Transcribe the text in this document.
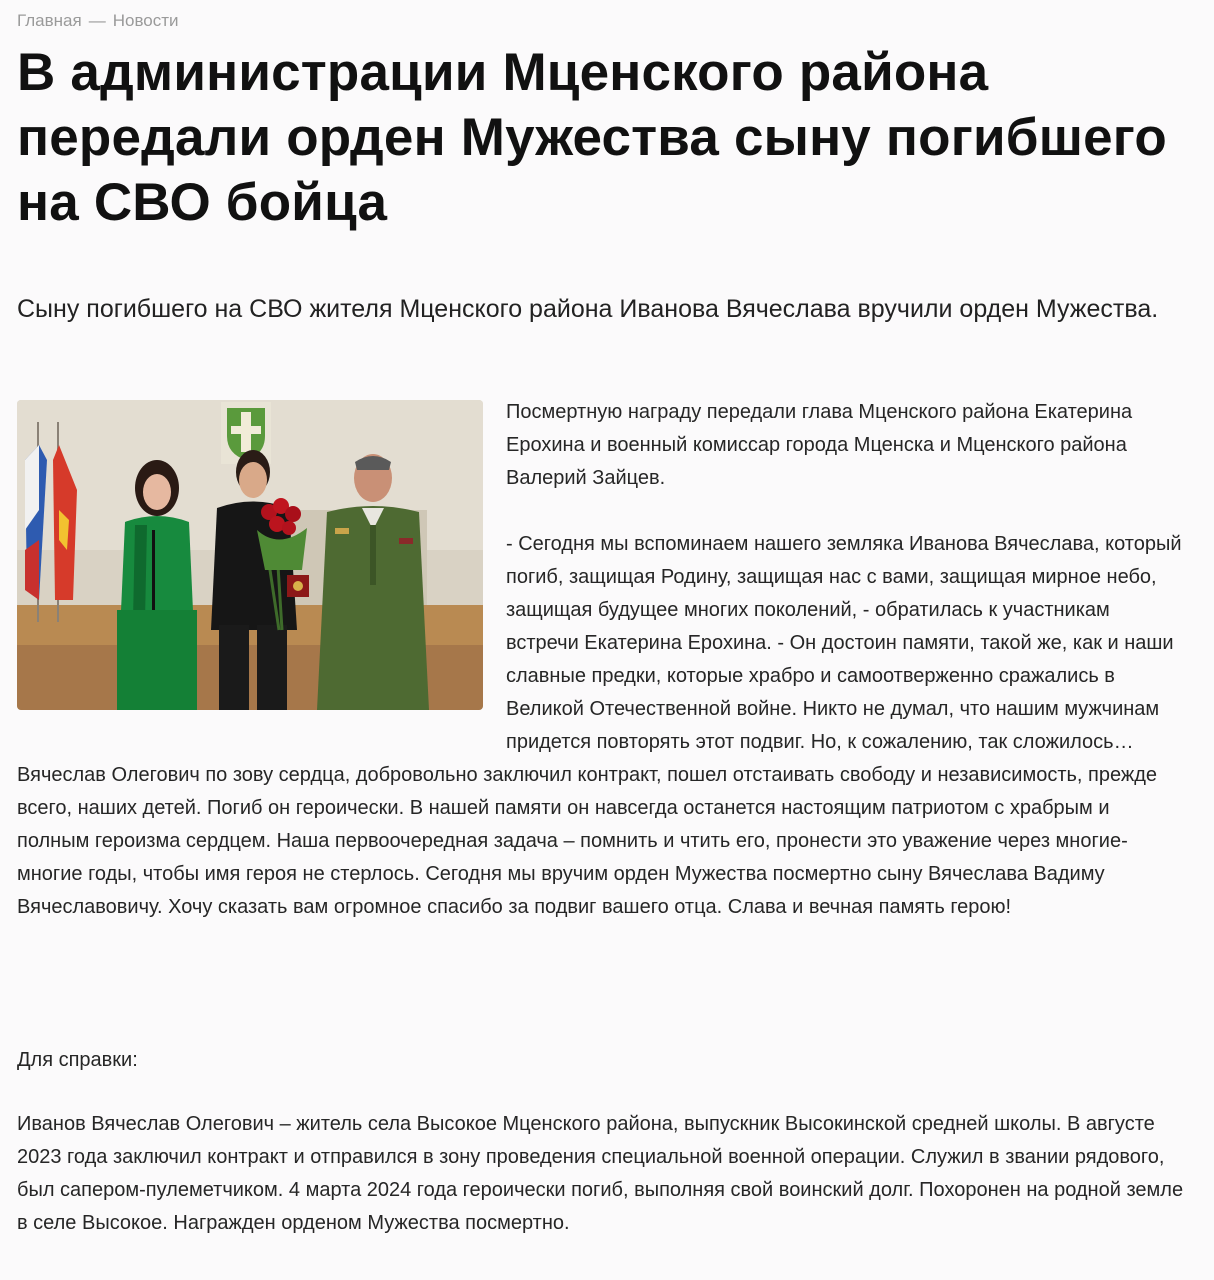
Главная — Новости
В администрации Мценского района передали орден Мужества сыну погибшего на СВО бойца

Сыну погибшего на СВО жителя Мценского района Иванова Вячеслава вручили орден Мужества.

Посмертную награду передали глава Мценского района Екатерина Ерохина и военный комиссар города Мценска и Мценского района Валерий Зайцев.

- Сегодня мы вспоминаем нашего земляка Иванова Вячеслава, который погиб, защищая Родину, защищая нас с вами, защищая мирное небо, защищая будущее многих поколений, - обратилась к участникам встречи Екатерина Ерохина. - Он достоин памяти, такой же, как и наши славные предки, которые храбро и самоотверженно сражались в Великой Отечественной войне. Никто не думал, что нашим мужчинам придется повторять этот подвиг. Но, к сожалению, так сложилось… Вячеслав Олегович по зову сердца, добровольно заключил контракт, пошел отстаивать свободу и независимость, прежде всего, наших детей. Погиб он героически. В нашей памяти он навсегда останется настоящим патриотом с храбрым и полным героизма сердцем. Наша первоочередная задача – помнить и чтить его, пронести это уважение через многие-многие годы, чтобы имя героя не стерлось. Сегодня мы вручим орден Мужества посмертно сыну Вячеслава Вадиму Вячеславовичу. Хочу сказать вам огромное спасибо за подвиг вашего отца. Слава и вечная память герою!

Для справки:

Иванов Вячеслав Олегович – житель села Высокое Мценского района, выпускник Высокинской средней школы. В августе 2023 года заключил контракт и отправился в зону проведения специальной военной операции. Служил в звании рядового, был сапером-пулеметчиком. 4 марта 2024 года героически погиб, выполняя свой воинский долг. Похоронен на родной земле в селе Высокое. Награжден орденом Мужества посмертно.
